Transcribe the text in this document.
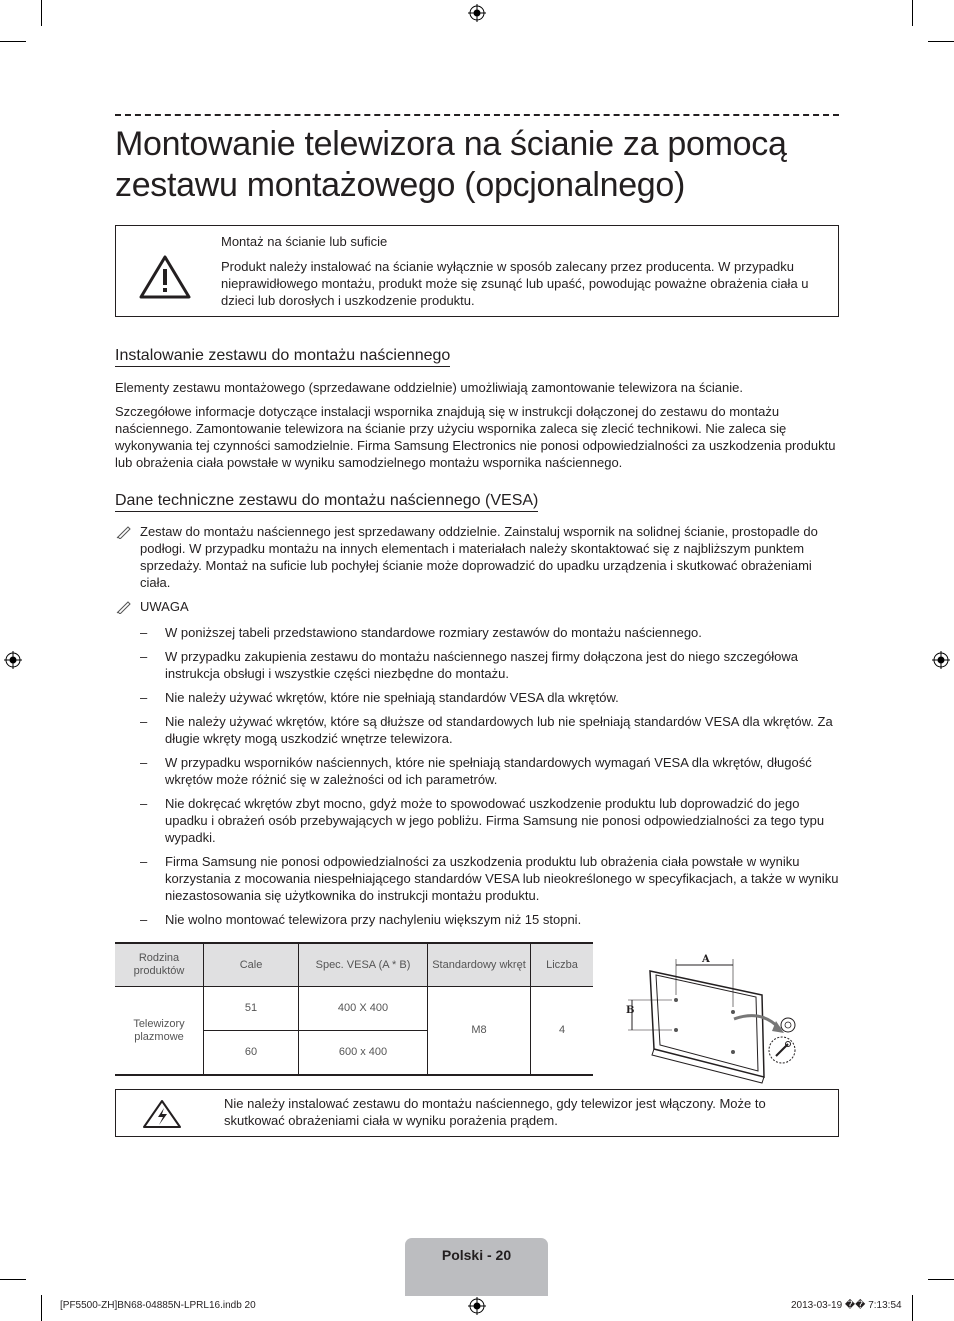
Montowanie telewizora na ścianie za pomocą zestawu montażowego (opcjonalnego)
Montaż na ścianie lub suficie
Produkt należy instalować na ścianie wyłącznie w sposób zalecany przez producenta. W przypadku nieprawidłowego montażu, produkt może się zsunąć lub upaść, powodując poważne obrażenia ciała u dzieci lub dorosłych i uszkodzenie produktu.
Instalowanie zestawu do montażu naściennego

Elementy zestawu montażowego (sprzedawane oddzielnie) umożliwiają zamontowanie telewizora na ścianie.

Szczegółowe informacje dotyczące instalacji wspornika znajdują się w instrukcji dołączonej do zestawu do montażu naściennego. Zamontowanie telewizora na ścianie przy użyciu wspornika zaleca się zlecić technikowi. Nie zaleca się wykonywania tej czynności samodzielnie. Firma Samsung Electronics nie ponosi odpowiedzialności za uszkodzenia produktu lub obrażenia ciała powstałe w wyniku samodzielnego montażu wspornika naściennego.

Dane techniczne zestawu do montażu naściennego (VESA)

Zestaw do montażu naściennego jest sprzedawany oddzielnie. Zainstaluj wspornik na solidnej ścianie, prostopadle do podłogi. W przypadku montażu na innych elementach i materiałach należy skontaktować się z najbliższym punktem sprzedaży. Montaż na suficie lub pochyłej ścianie może doprowadzić do upadku urządzenia i skutkować obrażeniami ciała.

UWAGA

– W poniższej tabeli przedstawiono standardowe rozmiary zestawów do montażu naściennego.
– W przypadku zakupienia zestawu do montażu naściennego naszej firmy dołączona jest do niego szczegółowa instrukcja obsługi i wszystkie części niezbędne do montażu.
– Nie należy używać wkrętów, które nie spełniają standardów VESA dla wkrętów.
– Nie należy używać wkrętów, które są dłuższe od standardowych lub nie spełniają standardów VESA dla wkrętów. Za długie wkręty mogą uszkodzić wnętrze telewizora.
– W przypadku wsporników naściennych, które nie spełniają standardowych wymagań VESA dla wkrętów, długość wkrętów może różnić się w zależności od ich parametrów.
– Nie dokręcać wkrętów zbyt mocno, gdyż może to spowodować uszkodzenie produktu lub doprowadzić do jego upadku i obrażeń osób przebywających w jego pobliżu. Firma Samsung nie ponosi odpowiedzialności za tego typu wypadki.
– Firma Samsung nie ponosi odpowiedzialności za uszkodzenia produktu lub obrażenia ciała powstałe w wyniku korzystania z mocowania niespełniającego standardów VESA lub nieokreślonego w specyfikacjach, a także w wyniku niezastosowania się użytkownika do instrukcji montażu produktu.
– Nie wolno montować telewizora przy nachyleniu większym niż 15 stopni.
Rodzina produktów	Cale	Spec. VESA (A * B)	Standardowy wkręt	Liczba
Telewizory plazmowe	51	400 X 400	M8	4
	60	600 x 400		
A
B
Nie należy instalować zestawu do montażu naściennego, gdy telewizor jest włączony. Może to skutkować obrażeniami ciała w wyniku porażenia prądem.
Polski - 20
[PF5500-ZH]BN68-04885N-LPRL16.indb 20	2013-03-19 �� 7:13:54
